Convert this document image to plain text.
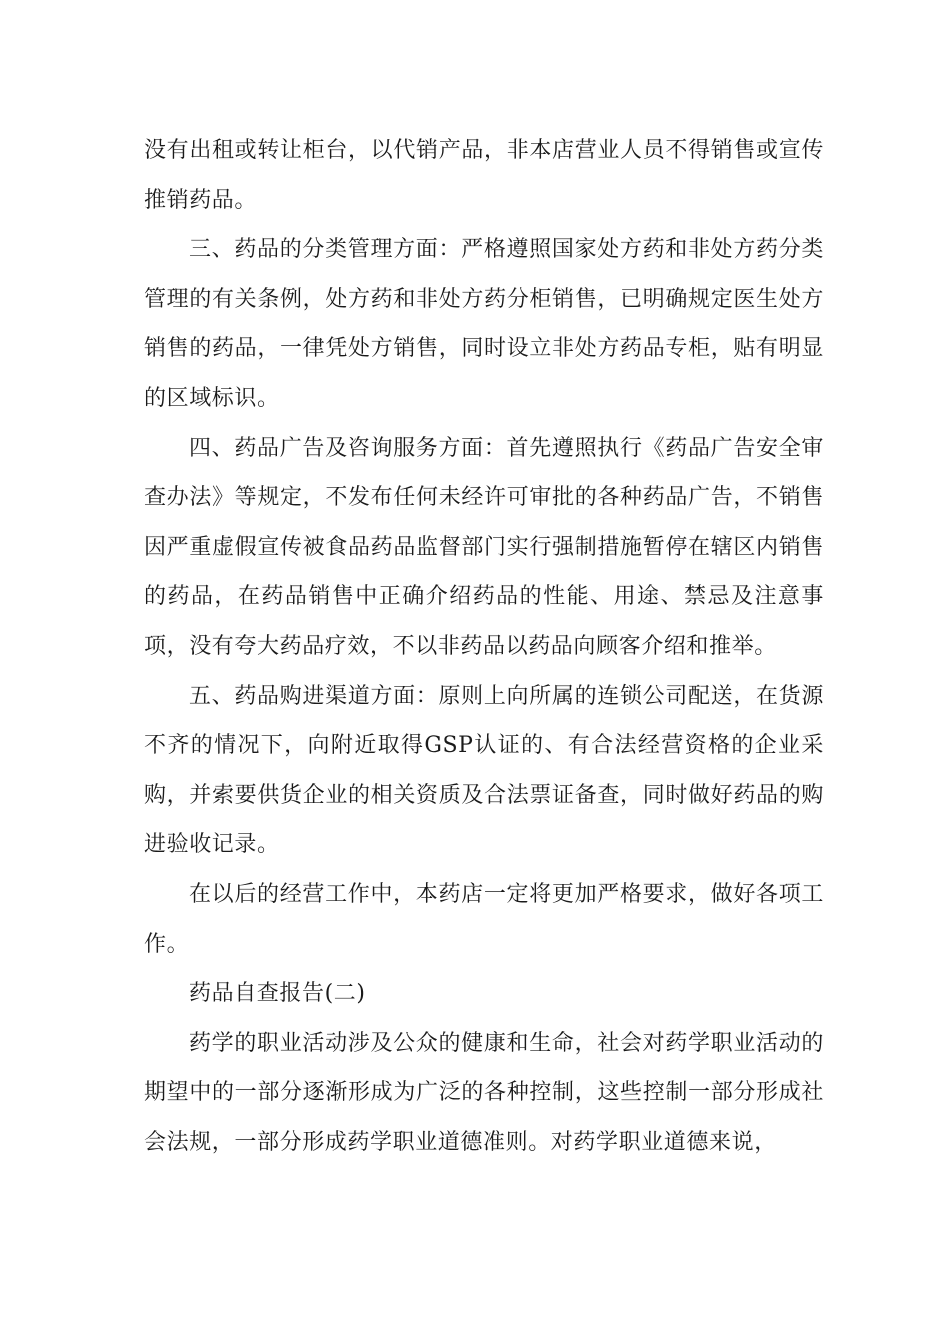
没有出租或转让柜台，以代销产品，非本店营业人员不得销售或宣传推销药品。

三、药品的分类管理方面：严格遵照国家处方药和非处方药分类管理的有关条例，处方药和非处方药分柜销售，已明确规定医生处方销售的药品，一律凭处方销售，同时设立非处方药品专柜，贴有明显的区域标识。

四、药品广告及咨询服务方面：首先遵照执行《药品广告安全审查办法》等规定，不发布任何未经许可审批的各种药品广告，不销售因严重虚假宣传被食品药品监督部门实行强制措施暂停在辖区内销售的药品，在药品销售中正确介绍药品的性能、用途、禁忌及注意事项，没有夸大药品疗效，不以非药品以药品向顾客介绍和推举。

五、药品购进渠道方面：原则上向所属的连锁公司配送，在货源不齐的情况下，向附近取得GSP认证的、有合法经营资格的企业采购，并索要供货企业的相关资质及合法票证备查，同时做好药品的购进验收记录。

在以后的经营工作中，本药店一定将更加严格要求，做好各项工作。

药品自查报告(二)

药学的职业活动涉及公众的健康和生命，社会对药学职业活动的期望中的一部分逐渐形成为广泛的各种控制，这些控制一部分形成社会法规，一部分形成药学职业道德准则。对药学职业道德来说，
